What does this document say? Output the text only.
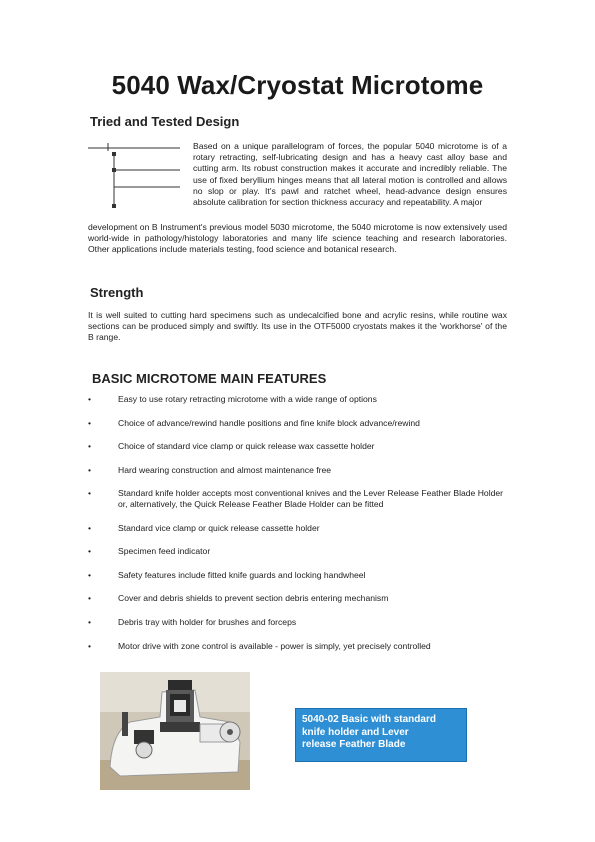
5040 Wax/Cryostat Microtome
Tried and Tested Design

Based on a unique parallelogram of forces, the popular 5040 microtome is of a rotary retracting, self-lubricating design and has a heavy cast alloy base and cutting arm. Its robust construction makes it accurate and incredibly reliable. The use of fixed beryllium hinges means that all lateral motion is controlled and allows no slop or play. It's pawl and ratchet wheel, head-advance design ensures absolute calibration for section thickness accuracy and repeatability. A major

development on B Instrument's previous model 5030 microtome, the 5040 microtome is now extensively used world-wide in pathology/histology laboratories and many life science teaching and research laboratories. Other applications include materials testing, food science and botanical research.

Strength

It is well suited to cutting hard specimens such as undecalcified bone and acrylic resins, while routine wax sections can be produced simply and swiftly. Its use in the OTF5000 cryostats makes it the 'workhorse' of the B range.

BASIC MICROTOME MAIN FEATURES
•	Easy to use rotary retracting microtome with a wide range of options
•	Choice of advance/rewind handle positions and fine knife block advance/rewind
•	Choice of standard vice clamp or quick release wax cassette holder
•	Hard wearing construction and almost maintenance free
•	Standard knife holder accepts most conventional knives and the Lever Release Feather Blade Holder or, alternatively, the Quick Release Feather Blade Holder can be fitted
•	Standard vice clamp or quick release cassette holder
•	Specimen feed indicator
•	Safety features include fitted knife guards and locking handwheel
•	Cover and debris shields to prevent section debris entering mechanism
•	Debris tray with holder for brushes and forceps
•	Motor drive with zone control is available - power is simply, yet precisely controlled
5040-02 Basic with standard
knife holder and Lever
release Feather Blade
